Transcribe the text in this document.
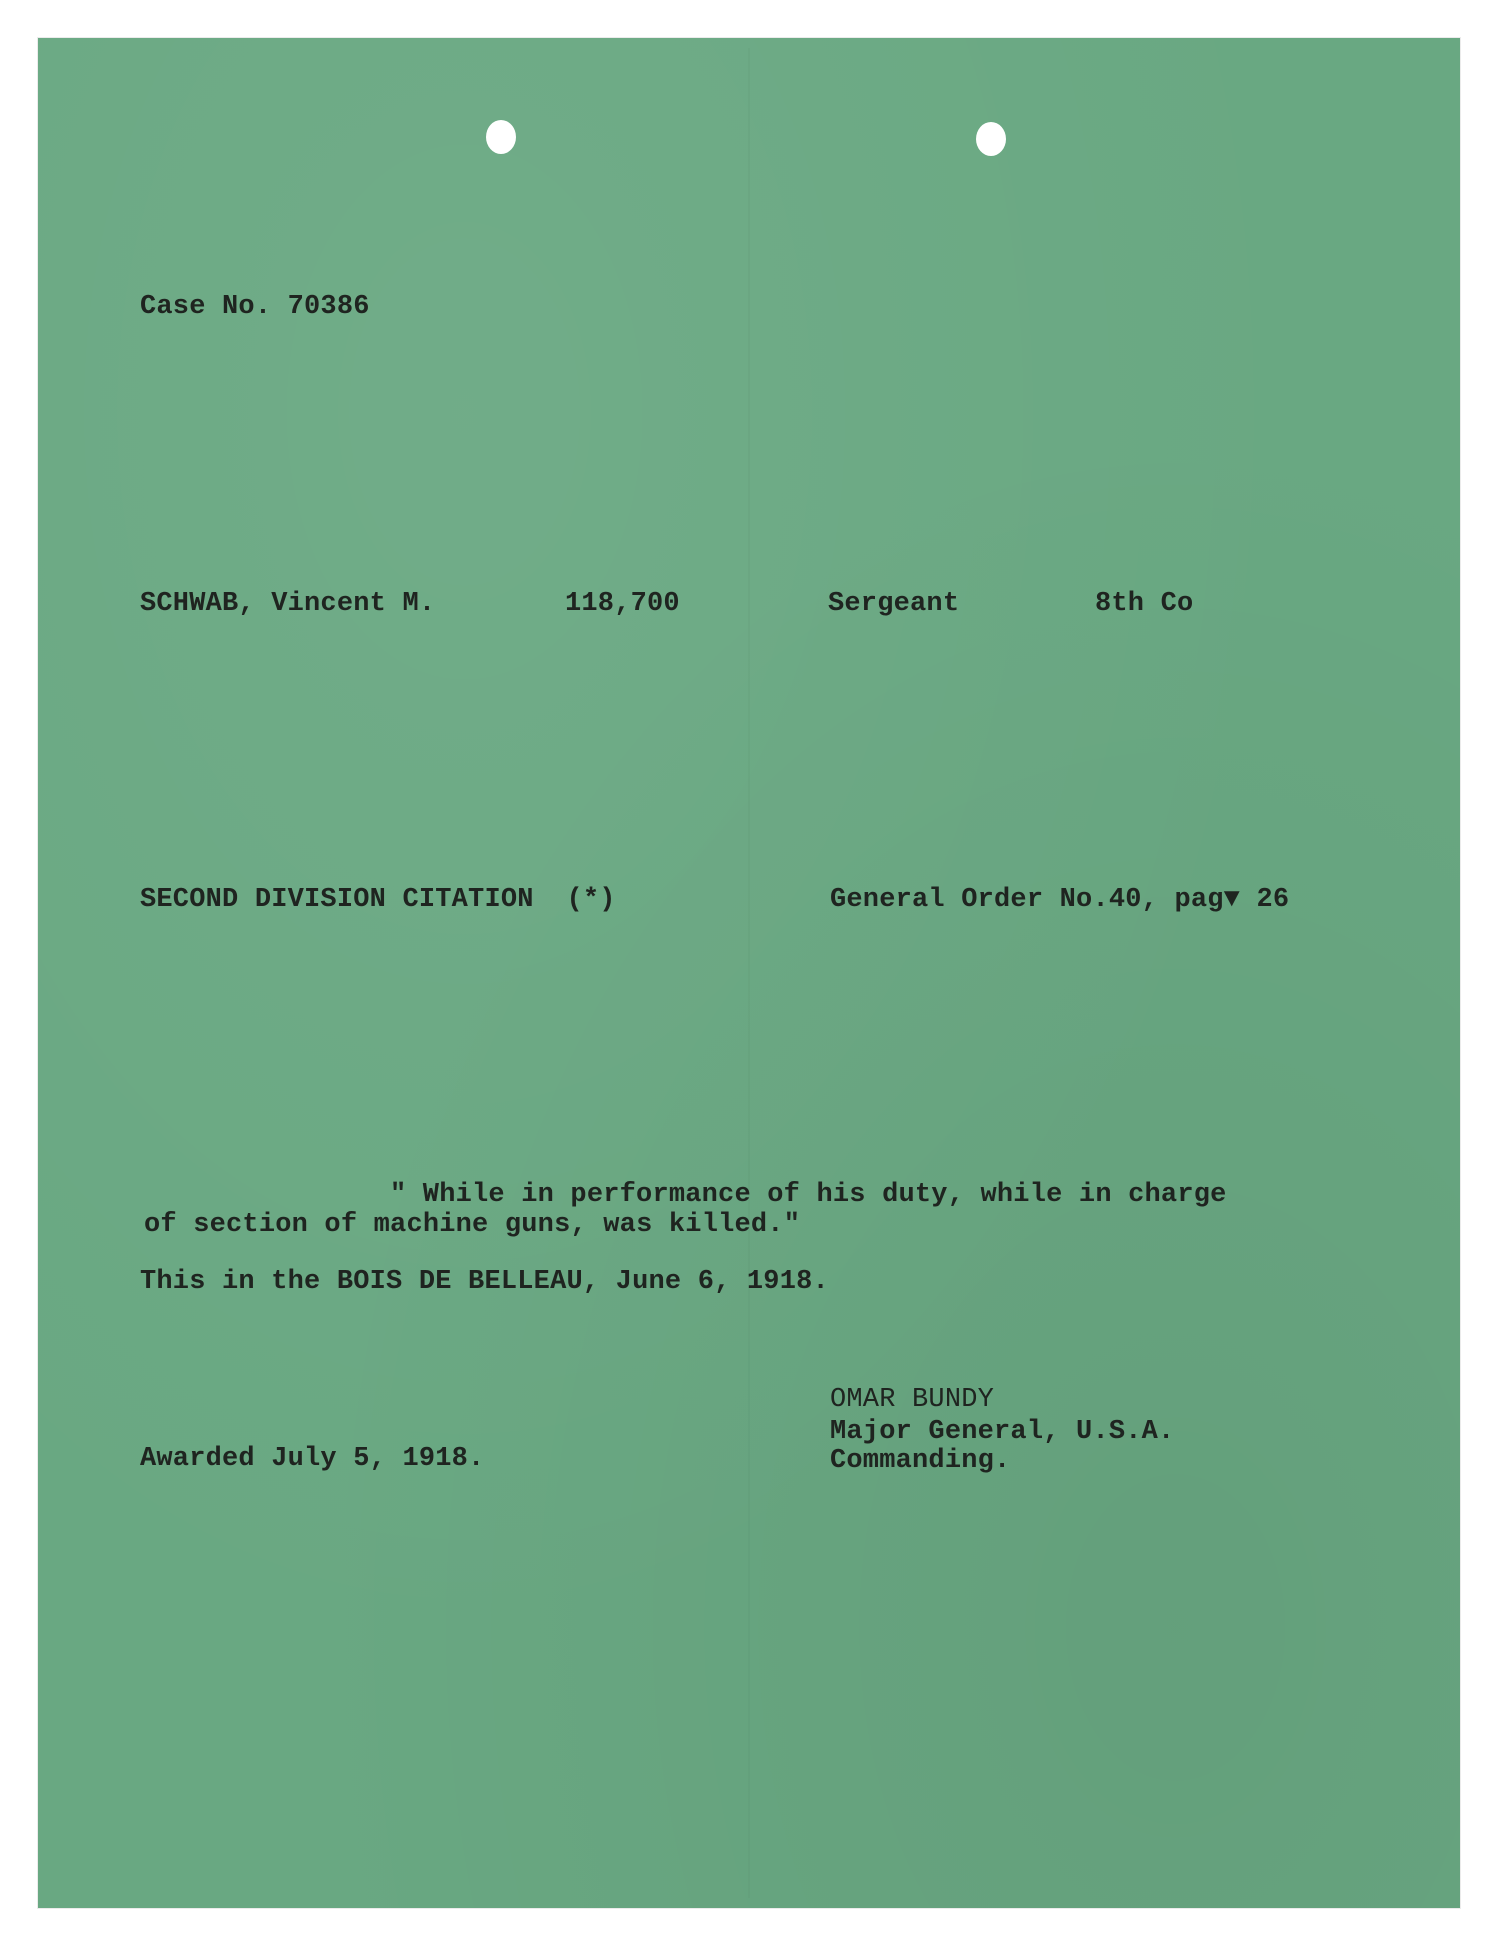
Case No. 70386

SCHWAB, Vincent M.	118,700	Sergeant	8th Co

SECOND DIVISION CITATION  (*)	General Order No.40, pag▼ 26

" While in performance of his duty, while in charge

of section of machine guns, was killed."

This in the BOIS DE BELLEAU, June 6, 1918.

OMAR BUNDY

Major General, U.S.A.

Commanding.

Awarded July 5, 1918.
